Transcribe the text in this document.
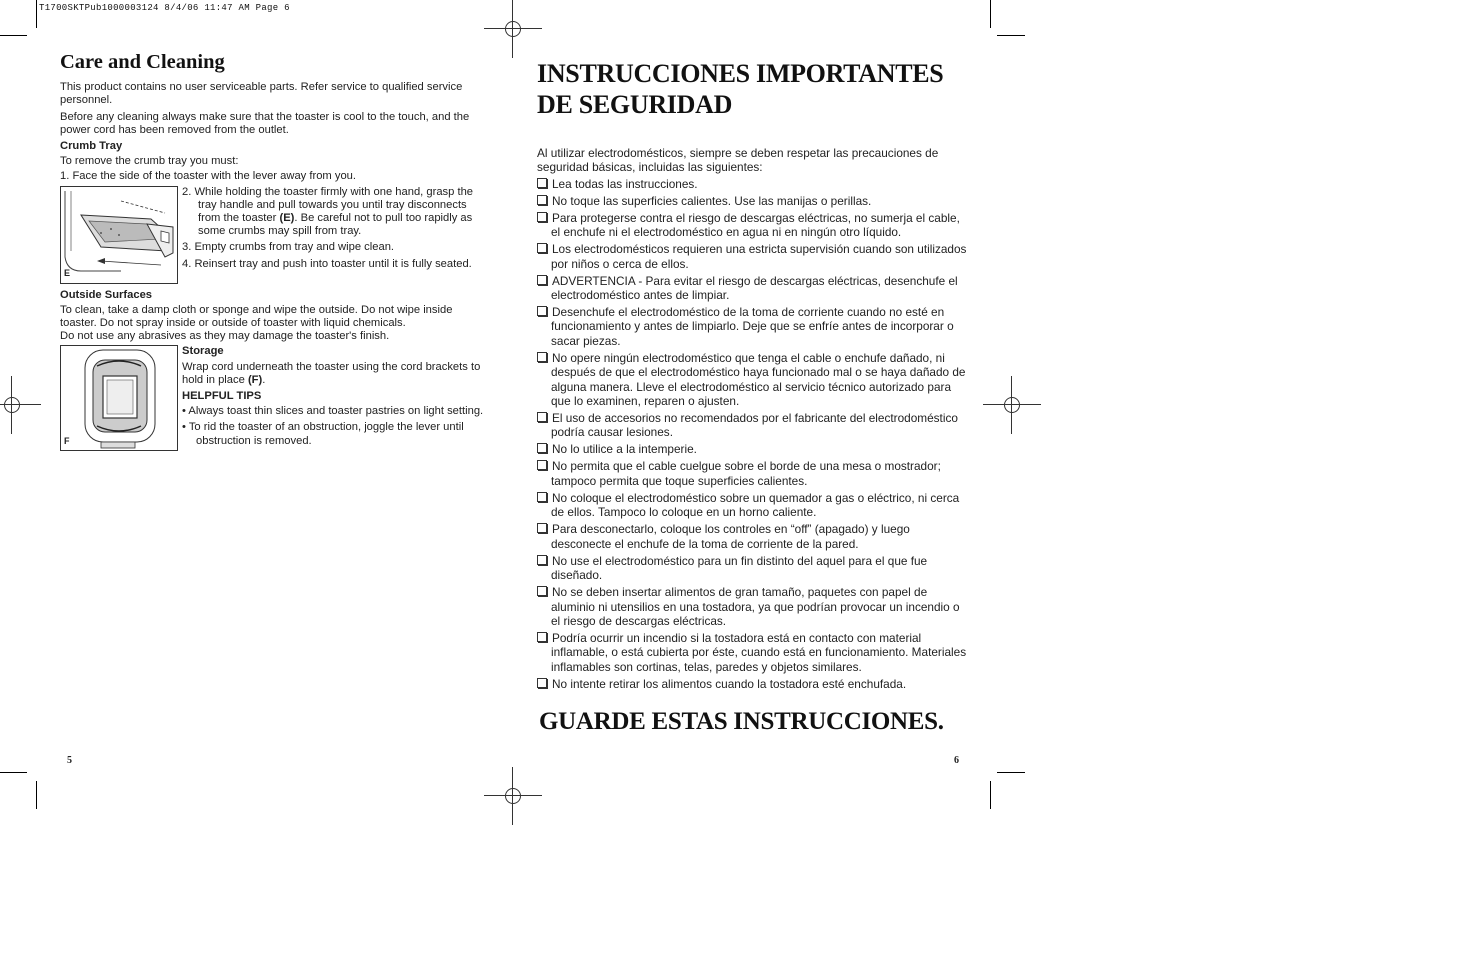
T1700SKTPub1000003124 8/4/06 11:47 AM Page 6
Care and Cleaning

This product contains no user serviceable parts. Refer service to qualified service personnel.

Before any cleaning always make sure that the toaster is cool to the touch, and the power cord has been removed from the outlet.

Crumb Tray

To remove the crumb tray you must:

1. Face the side of the toaster with the lever away from you.

E

2. While holding the toaster firmly with one hand, grasp the tray handle and pull towards you until tray disconnects from the toaster (E). Be careful not to pull too rapidly as some crumbs may spill from tray.

3. Empty crumbs from tray and wipe clean.

4. Reinsert tray and push into toaster until it is fully seated.

Outside Surfaces

To clean, take a damp cloth or sponge and wipe the outside. Do not wipe inside toaster. Do not spray inside or outside of toaster with liquid chemicals.

Do not use any abrasives as they may damage the toaster's finish.

F
Storage

Wrap cord underneath the toaster using the cord brackets to hold in place (F).

HELPFUL TIPS

• Always toast thin slices and toaster pastries on light setting.

• To rid the toaster of an obstruction, joggle the lever until obstruction is removed.

5
INSTRUCCIONES IMPORTANTES
DE SEGURIDAD

Al utilizar electrodomésticos, siempre se deben respetar las precauciones de seguridad básicas, incluidas las siguientes:

Lea todas las instrucciones.

No toque las superficies calientes. Use las manijas o perillas.

Para protegerse contra el riesgo de descargas eléctricas, no sumerja el cable, el enchufe ni el electrodoméstico en agua ni en ningún otro líquido.

Los electrodomésticos requieren una estricta supervisión cuando son utilizados por niños o cerca de ellos.

ADVERTENCIA - Para evitar el riesgo de descargas eléctricas, desenchufe el electrodoméstico antes de limpiar.

Desenchufe el electrodoméstico de la toma de corriente cuando no esté en funcionamiento y antes de limpiarlo. Deje que se enfríe antes de incorporar o sacar piezas.

No opere ningún electrodoméstico que tenga el cable o enchufe dañado, ni después de que el electrodoméstico haya funcionado mal o se haya dañado de alguna manera. Lleve el electrodoméstico al servicio técnico autorizado para que lo examinen, reparen o ajusten.

El uso de accesorios no recomendados por el fabricante del electrodoméstico podría causar lesiones.

No lo utilice a la intemperie.

No permita que el cable cuelgue sobre el borde de una mesa o mostrador; tampoco permita que toque superficies calientes.

No coloque el electrodoméstico sobre un quemador a gas o eléctrico, ni cerca de ellos. Tampoco lo coloque en un horno caliente.

Para desconectarlo, coloque los controles en “off” (apagado) y luego desconecte el enchufe de la toma de corriente de la pared.

No use el electrodoméstico para un fin distinto del aquel para el que fue diseñado.

No se deben insertar alimentos de gran tamaño, paquetes con papel de aluminio ni utensilios en una tostadora, ya que podrían provocar un incendio o el riesgo de descargas eléctricas.

Podría ocurrir un incendio si la tostadora está en contacto con material inflamable, o está cubierta por éste, cuando está en funcionamiento. Materiales inflamables son cortinas, telas, paredes y objetos similares.

No intente retirar los alimentos cuando la tostadora esté enchufada.

GUARDE ESTAS INSTRUCCIONES.
6
